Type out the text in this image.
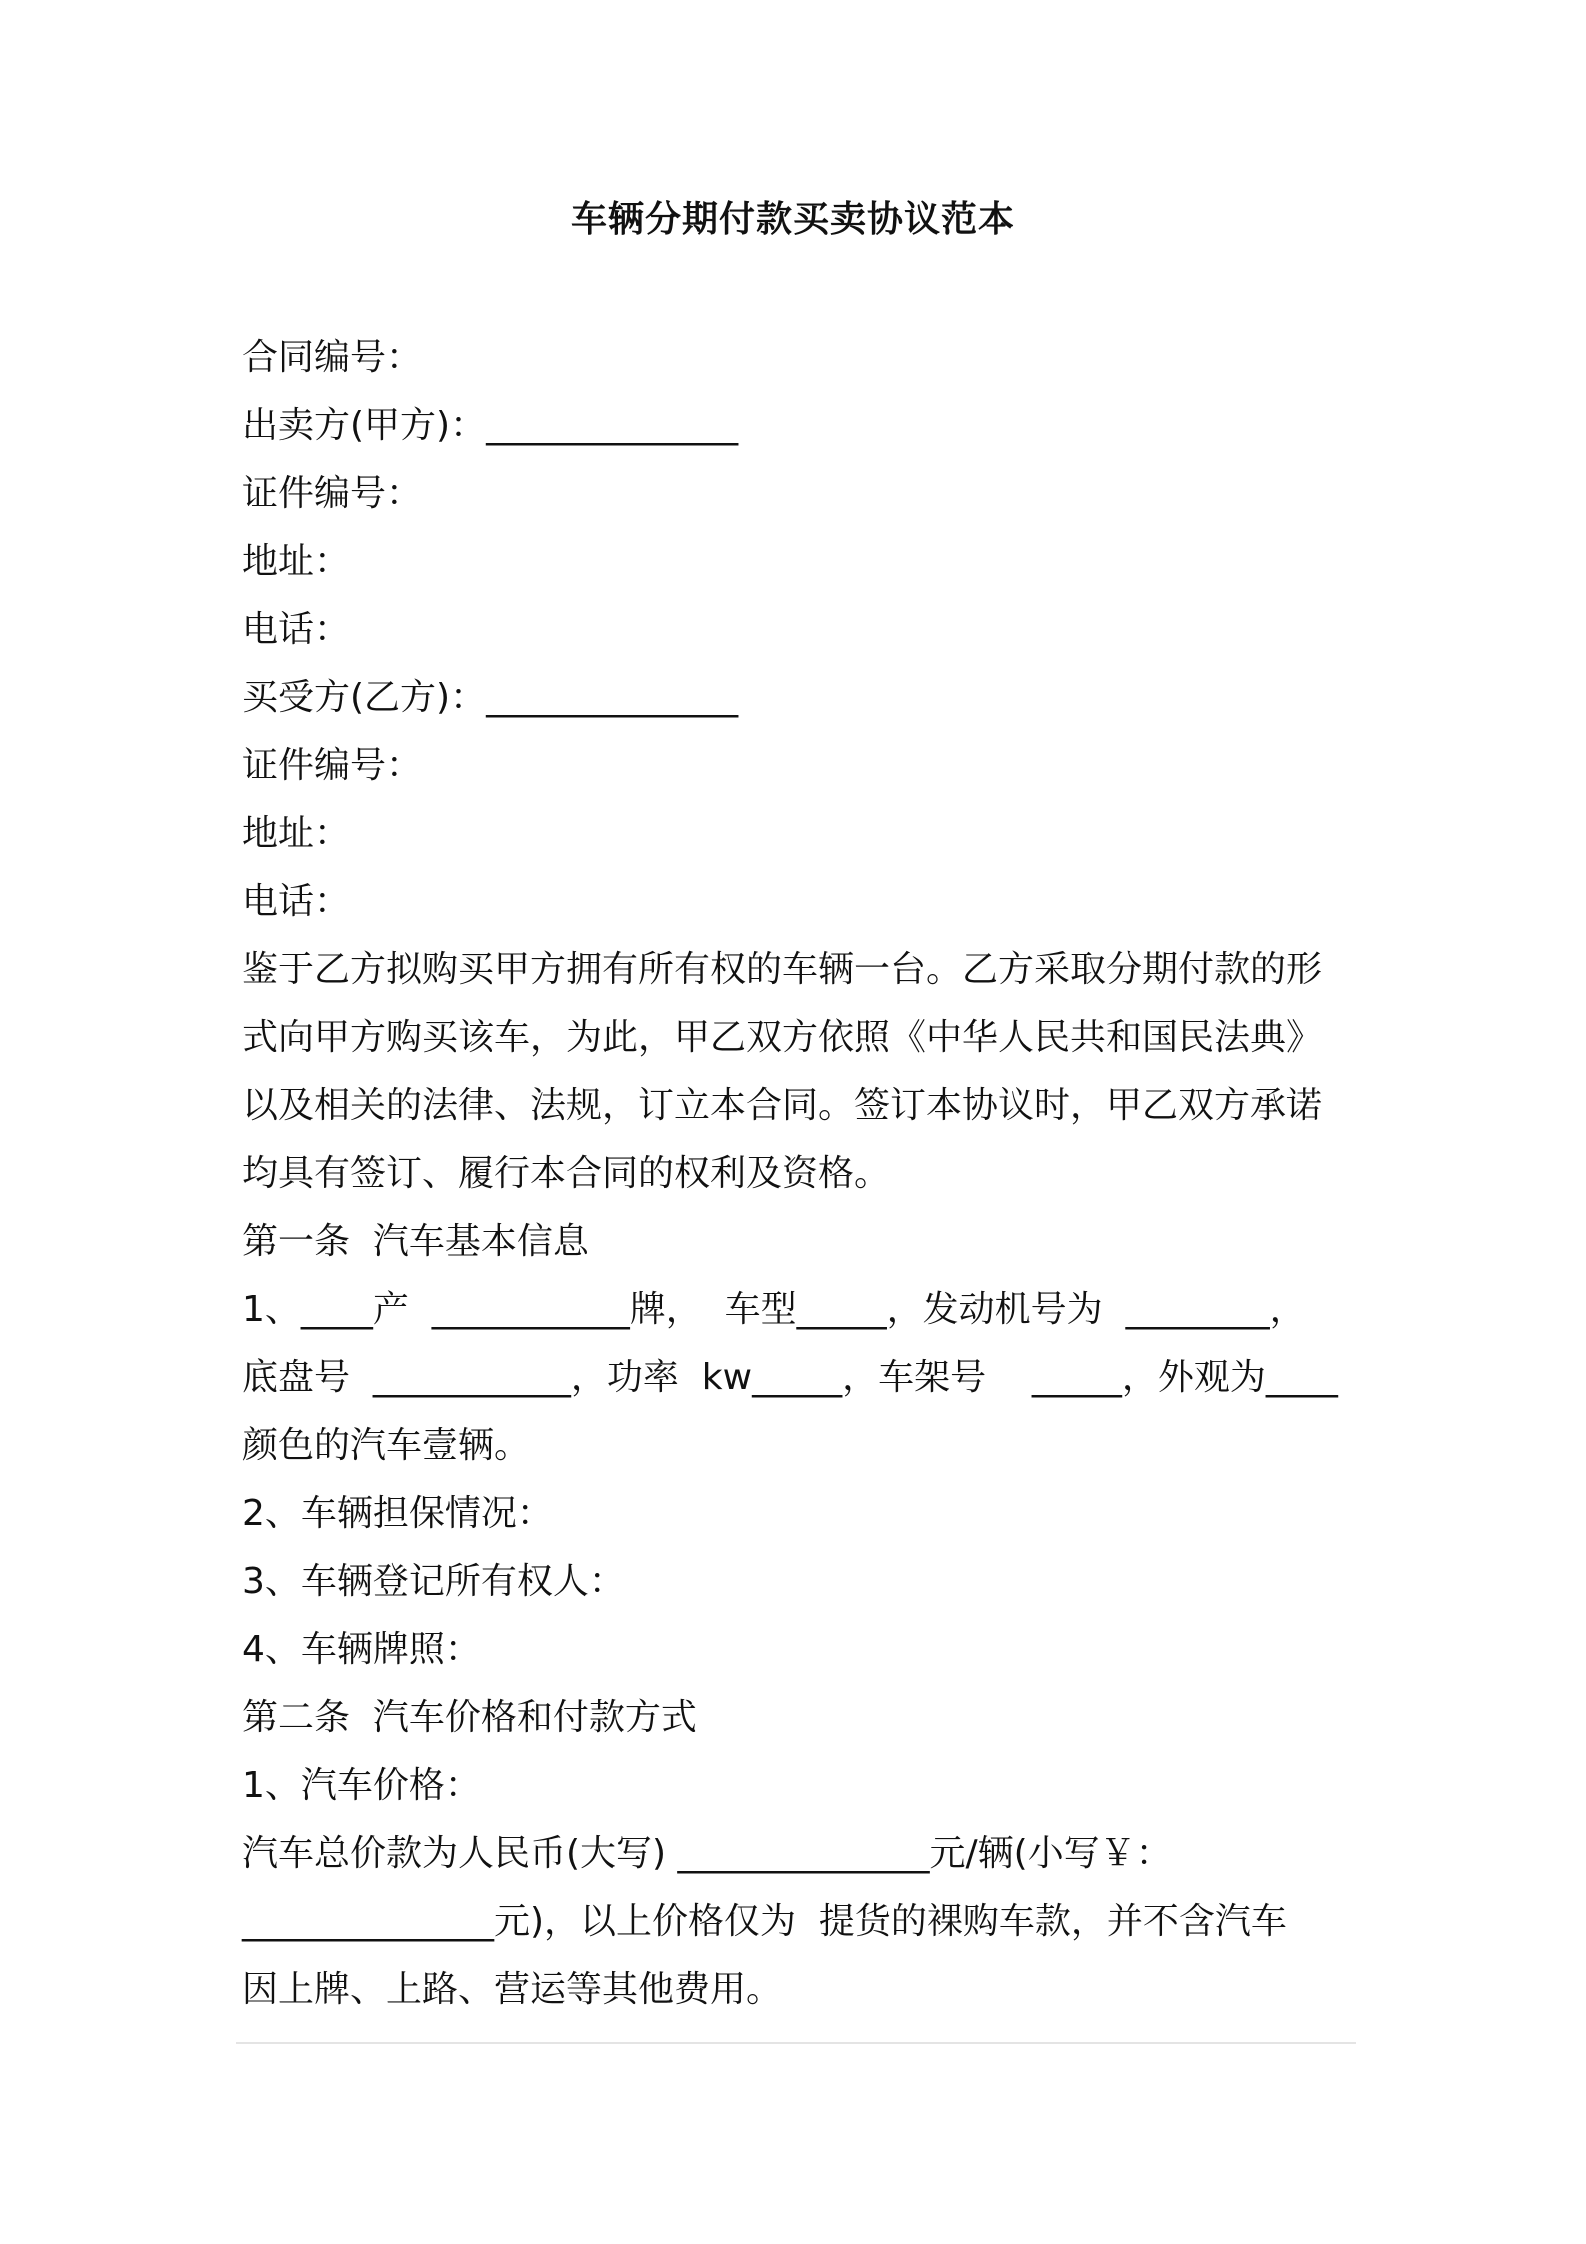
车辆分期付款买卖协议范本
合同编号：
出卖方(甲方)：______________
证件编号：
地址：
电话：
买受方(乙方)：______________
证件编号：
地址：
电话：
鉴于乙方拟购买甲方拥有所有权的车辆一台。乙方采取分期付款的形
式向甲方购买该车，为此，甲乙双方依照《中华人民共和国民法典》
以及相关的法律、法规，订立本合同。签订本协议时，甲乙双方承诺
均具有签订、履行本合同的权利及资格。
第一条  汽车基本信息
1、____产  ___________牌，  车型_____，发动机号为  ________，
底盘号  ___________，功率  kw_____，车架号    _____，外观为____
颜色的汽车壹辆。
2、车辆担保情况：
3、车辆登记所有权人：
4、车辆牌照：
第二条  汽车价格和付款方式
1、汽车价格：
汽车总价款为人民币(大写) ______________元/辆(小写￥：
______________元)，以上价格仅为  提货的裸购车款，并不含汽车
因上牌、上路、营运等其他费用。
